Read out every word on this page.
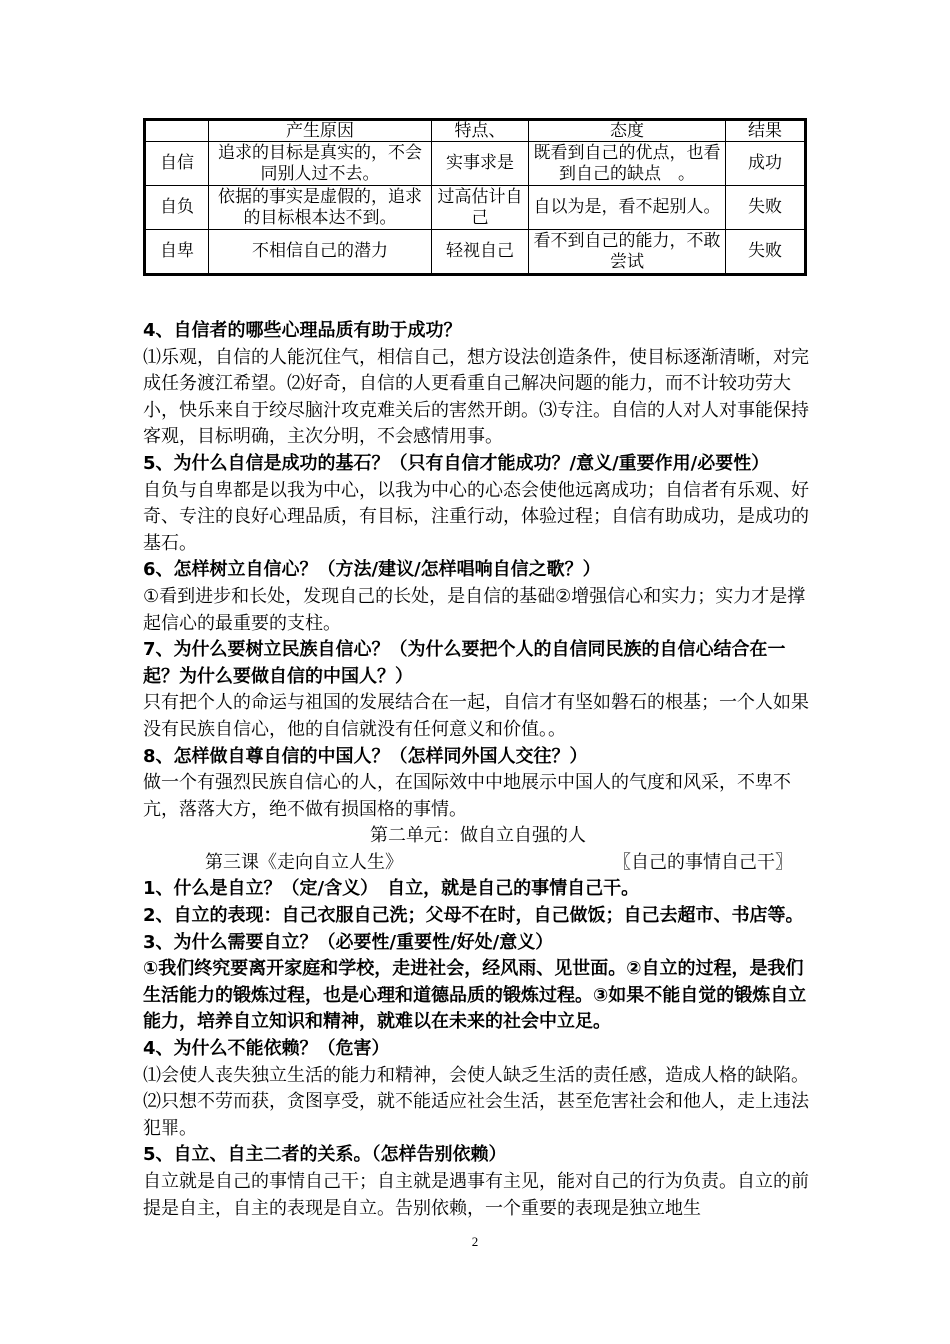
	产生原因	特点、	态度	结果
自信	追求的目标是真实的，不会同别人过不去。	实事求是	既看到自己的优点，也看到自己的缺点　。	成功
自负	依据的事实是虚假的，追求的目标根本达不到。	过高估计自己	自以为是，看不起别人。	失败
自卑	不相信自己的潜力	轻视自己	看不到自己的能力，不敢尝试	失败

4、自信者的哪些心理品质有助于成功？

⑴乐观，自信的人能沉住气，相信自己，想方设法创造条件，使目标逐渐清晰，对完成任务渡江希望。⑵好奇，自信的人更看重自己解决问题的能力，而不计较功劳大小，快乐来自于绞尽脑汁攻克难关后的害然开朗。⑶专注。自信的人对人对事能保持客观，目标明确，主次分明，不会感情用事。

5、为什么自信是成功的基石？（只有自信才能成功？/意义/重要作用/必要性）

自负与自卑都是以我为中心，以我为中心的心态会使他远离成功；自信者有乐观、好奇、专注的良好心理品质，有目标，注重行动，体验过程；自信有助成功，是成功的基石。

6、怎样树立自信心？（方法/建议/怎样唱响自信之歌？）

①看到进步和长处，发现自己的长处，是自信的基础②增强信心和实力；实力才是撑起信心的最重要的支柱。

7、为什么要树立民族自信心？（为什么要把个人的自信同民族的自信心结合在一起？为什么要做自信的中国人？）

只有把个人的命运与祖国的发展结合在一起，自信才有坚如磐石的根基；一个人如果没有民族自信心，他的自信就没有任何意义和价值。。

8、怎样做自尊自信的中国人？（怎样同外国人交往？）

做一个有强烈民族自信心的人，在国际效中中地展示中国人的气度和风采，不卑不亢，落落大方，绝不做有损国格的事情。

第二单元：做自立自强的人

第三课《走向自立人生》	〖自己的事情自己干〗

1、什么是自立？（定/含义）　自立，就是自己的事情自己干。

2、自立的表现：自己衣服自己洗；父母不在时，自己做饭；自己去超市、书店等。

3、为什么需要自立？（必要性/重要性/好处/意义）

①我们终究要离开家庭和学校，走进社会，经风雨、见世面。②自立的过程，是我们生活能力的锻炼过程，也是心理和道德品质的锻炼过程。③如果不能自觉的锻炼自立能力，培养自立知识和精神，就难以在未来的社会中立足。

4、为什么不能依赖？（危害）

⑴会使人丧失独立生活的能力和精神，会使人缺乏生活的责任感，造成人格的缺陷。

⑵只想不劳而获，贪图享受，就不能适应社会生活，甚至危害社会和他人，走上违法犯罪。

5、自立、自主二者的关系。（怎样告别依赖）

自立就是自己的事情自己干；自主就是遇事有主见，能对自己的行为负责。自立的前提是自主，自主的表现是自立。告别依赖，一个重要的表现是独立地生

2
